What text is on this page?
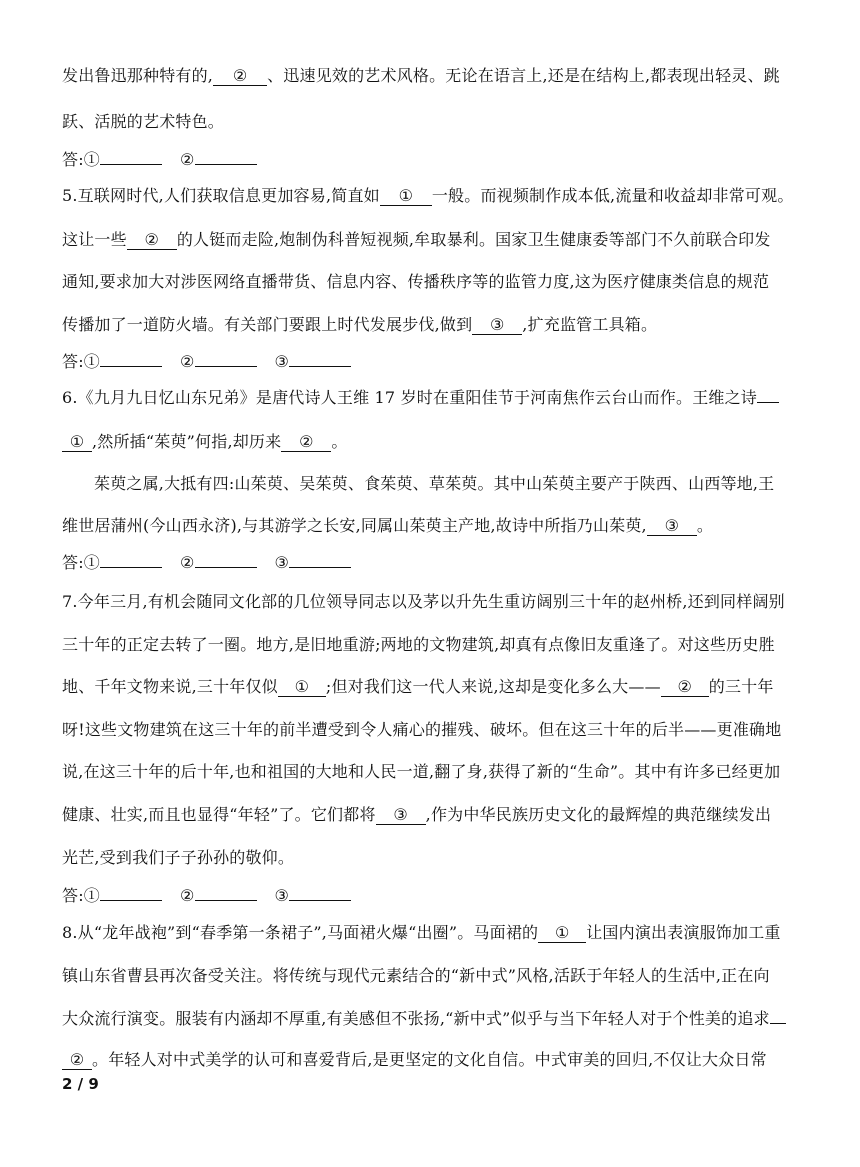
发出鲁迅那种特有的, ② 、迅速见效的艺术风格。无论在语言上,还是在结构上,都表现出轻灵、跳
跃、活脱的艺术特色。
答:①	②
5.互联网时代,人们获取信息更加容易,简直如 ① 一般。而视频制作成本低,流量和收益却非常可观。
这让一些 ② 的人铤而走险,炮制伪科普短视频,牟取暴利。国家卫生健康委等部门不久前联合印发
通知,要求加大对涉医网络直播带货、信息内容、传播秩序等的监管力度,这为医疗健康类信息的规范
传播加了一道防火墙。有关部门要跟上时代发展步伐,做到 ③ ,扩充监管工具箱。
答:①	②	③
6.《九月九日忆山东兄弟》是唐代诗人王维 17 岁时在重阳佳节于河南焦作云台山而作。王维之诗
① ,然所插“茱萸”何指,却历来 ② 。
茱萸之属,大抵有四:山茱萸、吴茱萸、食茱萸、草茱萸。其中山茱萸主要产于陕西、山西等地,王
维世居蒲州(今山西永济),与其游学之长安,同属山茱萸主产地,故诗中所指乃山茱萸, ③ 。
答:①	②	③
7.今年三月,有机会随同文化部的几位领导同志以及茅以升先生重访阔别三十年的赵州桥,还到同样阔别
三十年的正定去转了一圈。地方,是旧地重游;两地的文物建筑,却真有点像旧友重逢了。对这些历史胜
地、千年文物来说,三十年仅似 ① ;但对我们这一代人来说,这却是变化多么大—— ② 的三十年
呀!这些文物建筑在这三十年的前半遭受到令人痛心的摧残、破坏。但在这三十年的后半——更准确地
说,在这三十年的后十年,也和祖国的大地和人民一道,翻了身,获得了新的“生命”。其中有许多已经更加
健康、壮实,而且也显得“年轻”了。它们都将 ③ ,作为中华民族历史文化的最辉煌的典范继续发出
光芒,受到我们子子孙孙的敬仰。
答:①	②	③
8.从“龙年战袍”到“春季第一条裙子”,马面裙火爆“出圈”。马面裙的 ① 让国内演出表演服饰加工重
镇山东省曹县再次备受关注。将传统与现代元素结合的“新中式”风格,活跃于年轻人的生活中,正在向
大众流行演变。服装有内涵却不厚重,有美感但不张扬,“新中式”似乎与当下年轻人对于个性美的追求
② 。年轻人对中式美学的认可和喜爱背后,是更坚定的文化自信。中式审美的回归,不仅让大众日常
2 / 9
